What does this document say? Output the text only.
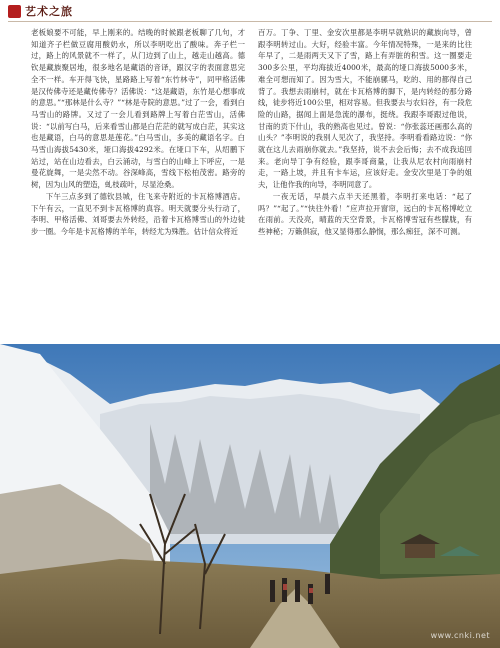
艺术之旅

老板娘要不可能，早上刚来的。结晚的时候跟老板聊了几句，才知道齐子栏做豆腐用酸奶水，所以李明吃出了酸味。奔子栏一过，路上的风景就不一样了，从门边到了山上，越走山越高。德钦是藏族聚居地，很多地名是藏语的音译，跟汉字的表面意思完全不一样。车开得飞快，星路路上写着“东竹林寺”，同甲格活佛是汉传佛寺还是藏传佛寺？活佛说：“这是藏语，东竹是心想事成的意思。”“那林是什么寺？”“林是寺院的意思。”过了一会，看到白马雪山的路牌。又过了一会儿看到路牌上写着白茫雪山，活佛说：“以前写白马，后来看雪山都是白茫茫的就写成白茫，其实这也是藏语，白马的意思是莲花。”白马雪山，多美的藏语名字。白马雪山海拔5430米，垭口海拔4292米。在垭口下车，从绍鹏下站过，站在山边看去，白云涌动，与雪白的山峰上下呼应，一是曼花旋舞，一是尖然不动。谷深峰高，雪线下松柏茂密。路旁的树，因为山风的塑造，虬枝疏叶，尽显沧桑。

下午三点多到了德钦县城，住飞来寺附近的卡瓦格博酒店。下午有云，一直见不到卡瓦格博的真容。明天就要分头行动了，李明、甲格活佛、刘哥要去外转经，沿着卡瓦格博雪山的外边徒步一圈。今年是卡瓦格博的羊年，转经尤为殊胜。估计信众将近

百万。丁争、丁里、金安次里都是李明早就熟识的藏族向导，曾跟李明转过山。大好，经验丰富。今年情况特殊，一是来的比往年早了，二是雨两天又下了雪，路上有弄脏的积雪。这一圈要走300多公里，平均海拔近4000米，最高的垭口海拔5000多米，难全可想而知了。因为雪大，不能崩骡马，吃的、用的都得自己背了。我想去雨崩村，就在卡瓦格博的脚下，是内转经的那分路线，徒步将近100公里，相对容易。但我要去与农妇谷，有一段危险的山路，据闻上面是急流的瀑布，挺绕。我跟李哥跟过他说，甘南的贡下什山，我的熟高也见过。曾说：“你张蕊还画那么高的山头？”李明说的我别人见次了，我坚持。李明看看路边说：“你就在这儿去雨崩你就去。”我坚持，说不去会后悔；去不成我追回来。老向导丁争有经验，跟李哥商量，让我从尼农村向雨崩村走，一路上坡，并且有卡车运，应该好走。金安次里是丁争的姐夫，让他作我的向导，李明同意了。

一夜无话，早晨六点半天还黑着，李明打来电话：“起了吗？”“起了。”“快往外看！”应声拉开窗帘，远白的卡瓦格博屹立在雨前。天没亮，晴蓝的天空背景，卡瓦格博雪冠有些朦胧，有些神秘；万籁俱寂，他又显得那么静悯，那么痴狂，深不可测。

www.cnki.net
